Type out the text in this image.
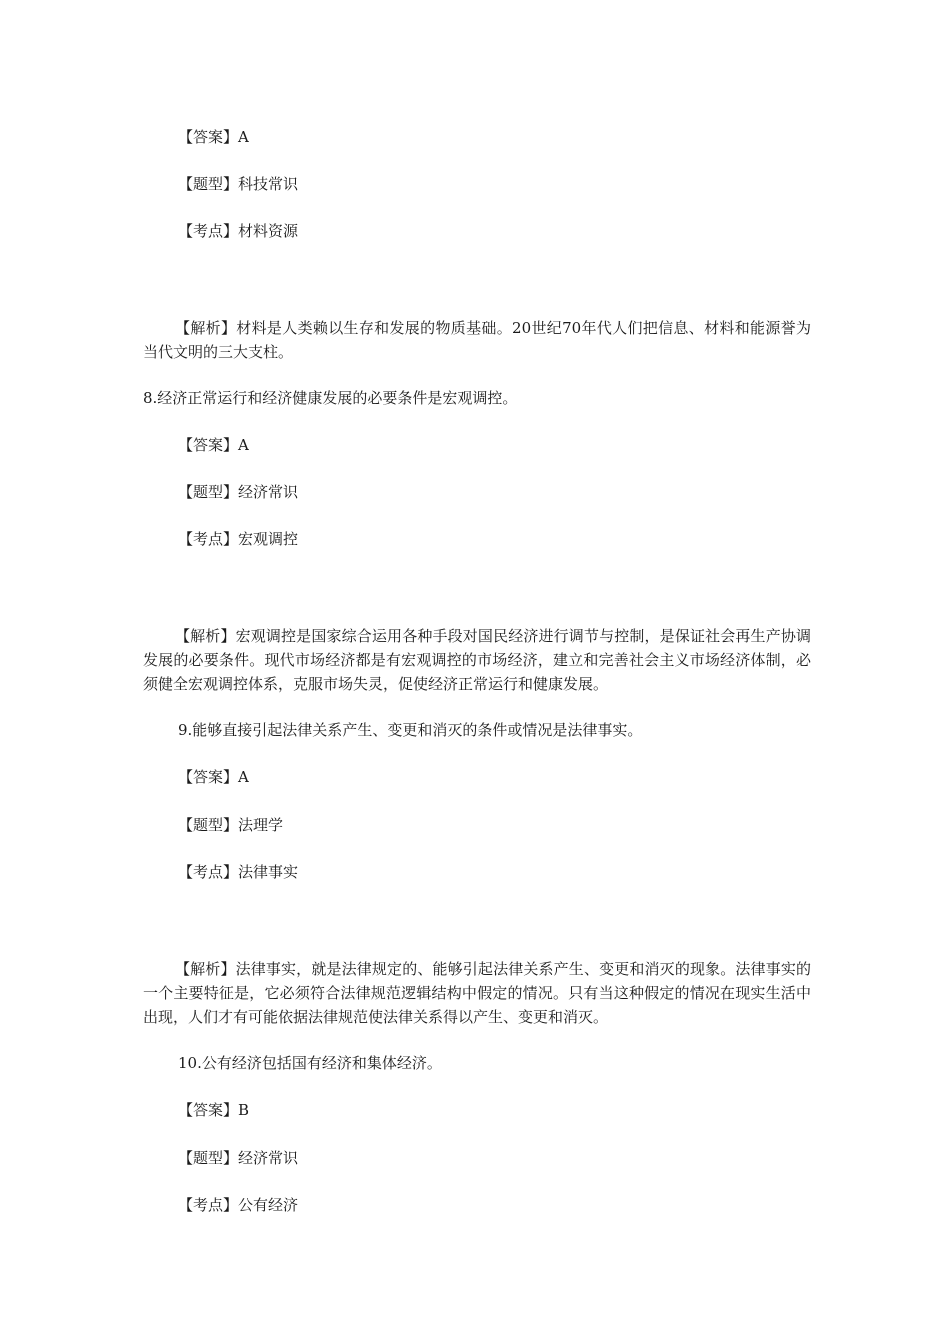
【答案】A
【题型】科技常识
【考点】材料资源
【解析】材料是人类赖以生存和发展的物质基础。20世纪70年代人们把信息、材料和能源誉为当代文明的三大支柱。
8.经济正常运行和经济健康发展的必要条件是宏观调控。
【答案】A
【题型】经济常识
【考点】宏观调控
【解析】宏观调控是国家综合运用各种手段对国民经济进行调节与控制，是保证社会再生产协调发展的必要条件。现代市场经济都是有宏观调控的市场经济，建立和完善社会主义市场经济体制，必须健全宏观调控体系，克服市场失灵，促使经济正常运行和健康发展。
9.能够直接引起法律关系产生、变更和消灭的条件或情况是法律事实。
【答案】A
【题型】法理学
【考点】法律事实
【解析】法律事实，就是法律规定的、能够引起法律关系产生、变更和消灭的现象。法律事实的一个主要特征是，它必须符合法律规范逻辑结构中假定的情况。只有当这种假定的情况在现实生活中出现，人们才有可能依据法律规范使法律关系得以产生、变更和消灭。
10.公有经济包括国有经济和集体经济。
【答案】B
【题型】经济常识
【考点】公有经济
